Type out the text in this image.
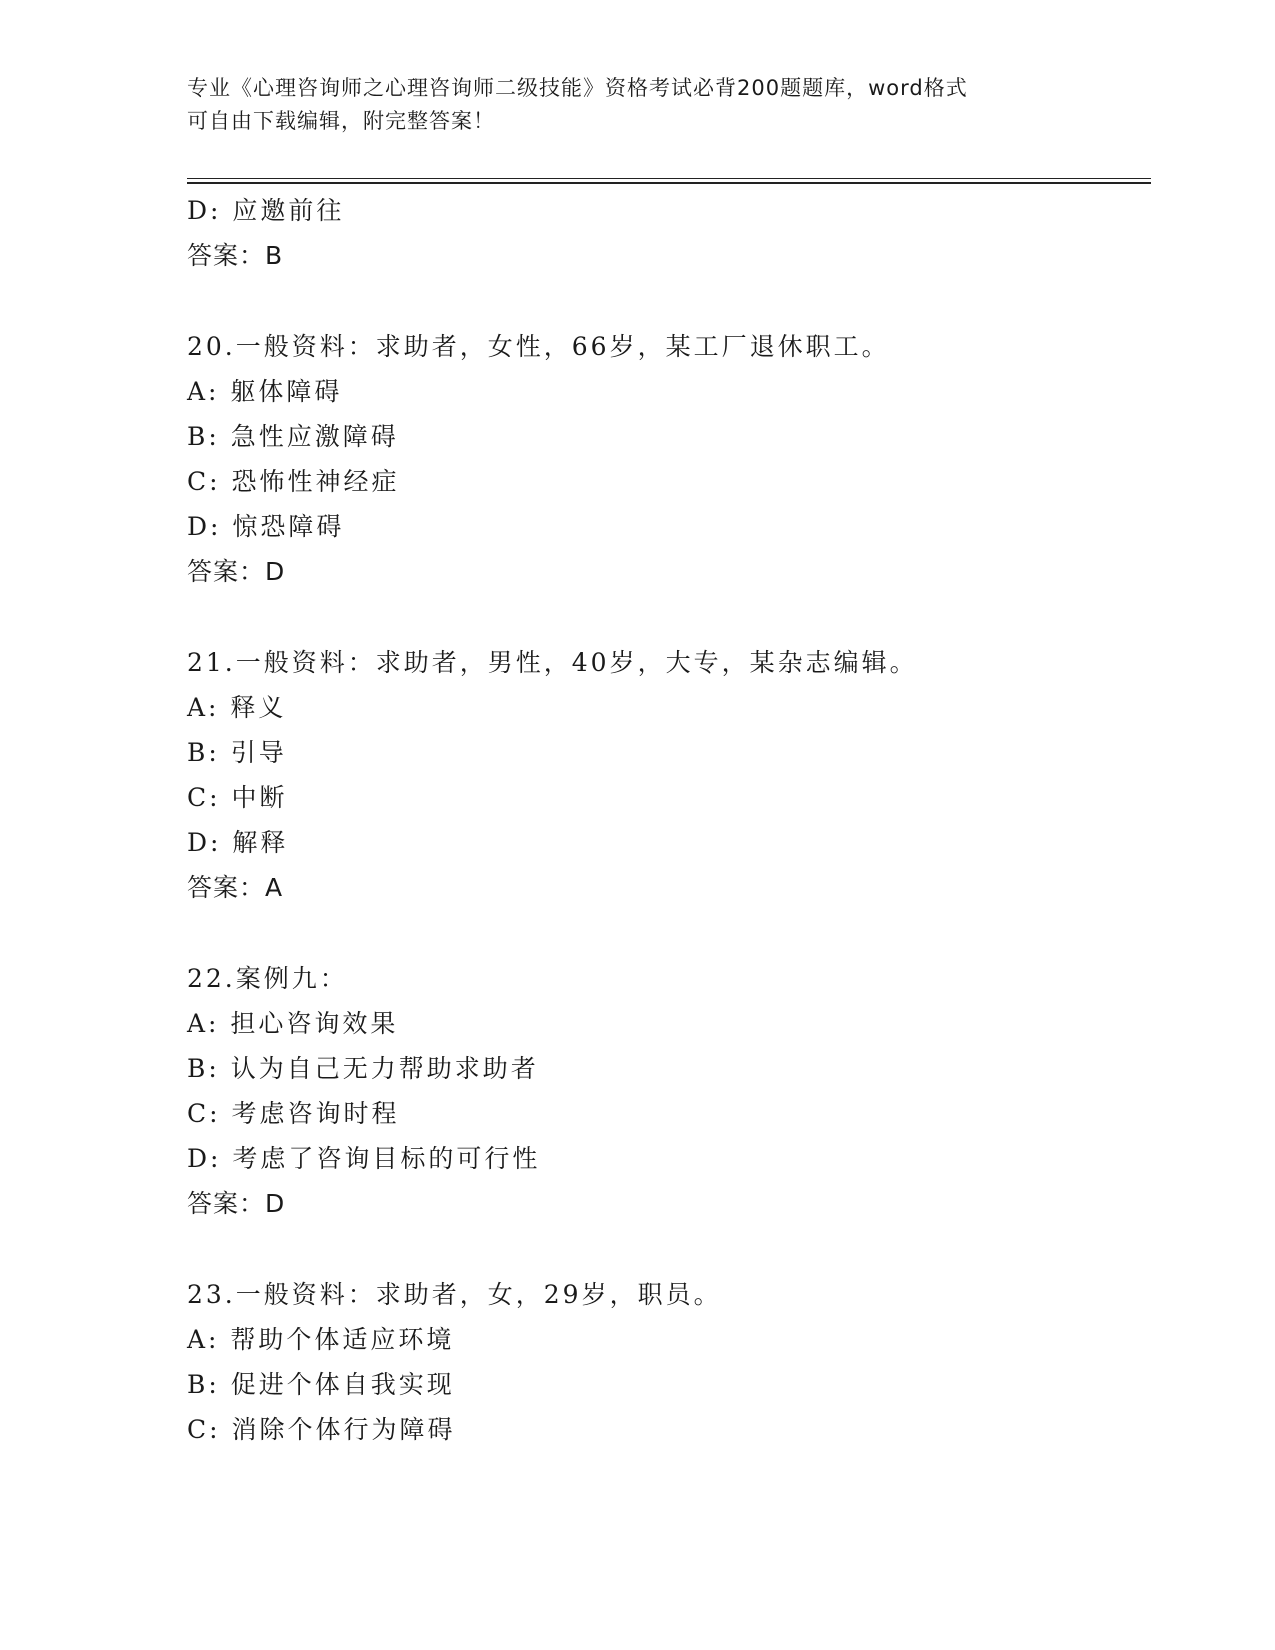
专业《心理咨询师之心理咨询师二级技能》资格考试必背200题题库，word格式
可自由下载编辑，附完整答案！
D: 应邀前往
答案：B
20.一般资料：求助者，女性，66岁，某工厂退休职工。
A: 躯体障碍
B: 急性应激障碍
C: 恐怖性神经症
D: 惊恐障碍
答案：D
21.一般资料：求助者，男性，40岁，大专，某杂志编辑。
A: 释义
B: 引导
C: 中断
D: 解释
答案：A
22.案例九：
A: 担心咨询效果
B: 认为自己无力帮助求助者
C: 考虑咨询时程
D: 考虑了咨询目标的可行性
答案：D
23.一般资料：求助者，女，29岁，职员。
A: 帮助个体适应环境
B: 促进个体自我实现
C: 消除个体行为障碍
